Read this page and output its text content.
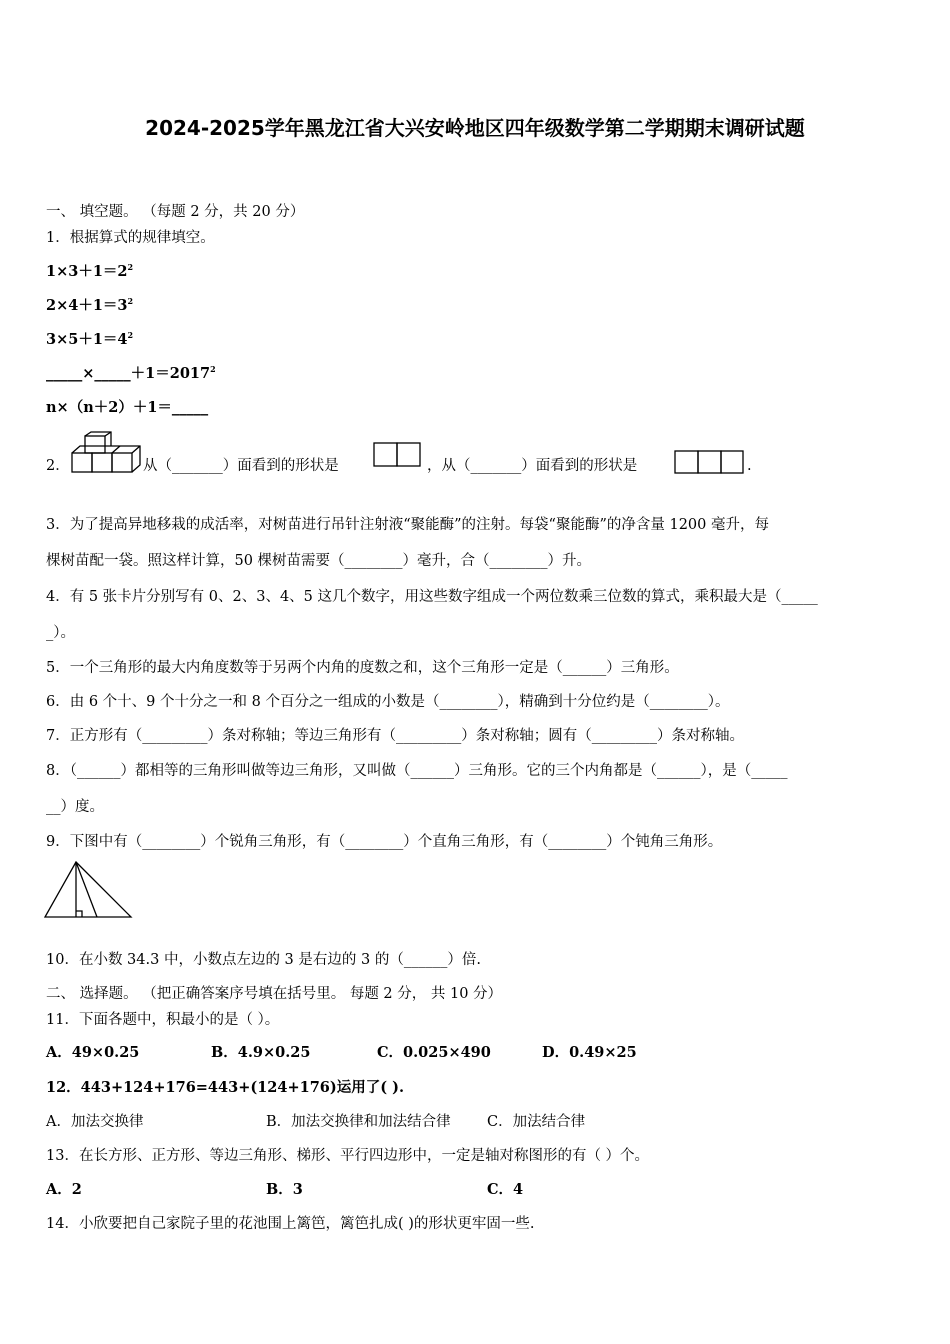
2024-2025学年黑龙江省大兴安岭地区四年级数学第二学期期末调研试题
一、 填空题。 （每题 2 分，共 20 分）
1．根据算式的规律填空。
$1\times 3+1=2^2$
$2\times 4+1=3^2$
$3\times 5+1=4^2$
$\_\_\_\_\_\times\_\_\_\_\_+1=2017^2$
n×（n＋2）＋1＝_____
2．	从（_______）面看到的形状是	，从（_______）面看到的形状是	.
3．为了提高异地移栽的成活率，对树苗进行吊针注射液“聚能酶”的注射。每袋“聚能酶”的净含量 1200 毫升，每
棵树苗配一袋。照这样计算，50 棵树苗需要（________）毫升，合（________）升。
4．有 5 张卡片分别写有 0、2、3、4、5 这几个数字，用这些数字组成一个两位数乘三位数的算式，乘积最大是（_____
_）。
5．一个三角形的最大内角度数等于另两个内角的度数之和，这个三角形一定是（______）三角形。
6．由 6 个十、9 个十分之一和 8 个百分之一组成的小数是（________），精确到十分位约是（________）。
7．正方形有（_________）条对称轴；等边三角形有（_________）条对称轴；圆有（_________）条对称轴。
8．（______）都相等的三角形叫做等边三角形，又叫做（______）三角形。它的三个内角都是（______），是（_____
__）度。
9．下图中有（________）个锐角三角形，有（________）个直角三角形，有（________）个钝角三角形。
10．在小数 34.3 中，小数点左边的 3 是右边的 3 的（______）倍.
二、 选择题。 （把正确答案序号填在括号里。 每题 2 分， 共 10 分）
11．下面各题中，积最小的是（ ）。
A．49×0.25	B．4.9×0.25	C．0.025×490	D．0.49×25
12．443+124+176=443+(124+176)运用了( ).
A．加法交换律	B．加法交换律和加法结合律	C．加法结合律
13．在长方形、正方形、等边三角形、梯形、平行四边形中，一定是轴对称图形的有（ ）个。
A．2	B．3	C．4
14．小欣要把自己家院子里的花池围上篱笆，篱笆扎成( )的形状更牢固一些.
